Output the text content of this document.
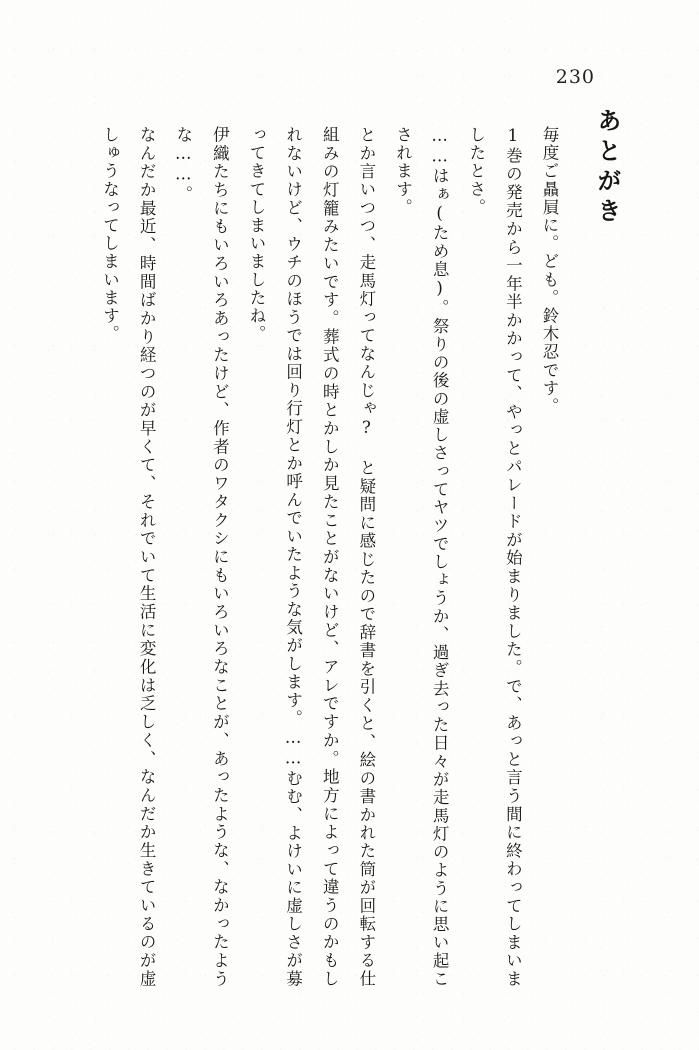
230

あとがき

毎度ご贔屓に。ども。鈴木忍です。

1巻の発売から一年半かかって、やっとパレードが始まりました。で、あっと言う間に終わってしまいましたとさ。

……はぁ(ため息)。祭りの後の虚しさってヤツでしょうか、過ぎ去った日々が走馬灯のように思い起こされます。

とか言いつつ、走馬灯ってなんじゃ? と疑問に感じたので辞書を引くと、絵の書かれた筒が回転する仕組みの灯籠みたいです。葬式の時とかしか見たことがないけど、アレですか。地方によって違うのかもしれないけど、ウチのほうでは回り行灯とか呼んでいたような気がします。……むむ、よけいに虚しさが募ってきてしまいましたね。

伊織たちにもいろいろあったけど、作者のワタクシにもいろいろなことが、あったような、なかったような……。

なんだか最近、時間ばかり経つのが早くて、それでいて生活に変化は乏しく、なんだか生きているのが虚しゅうなってしまいます。
